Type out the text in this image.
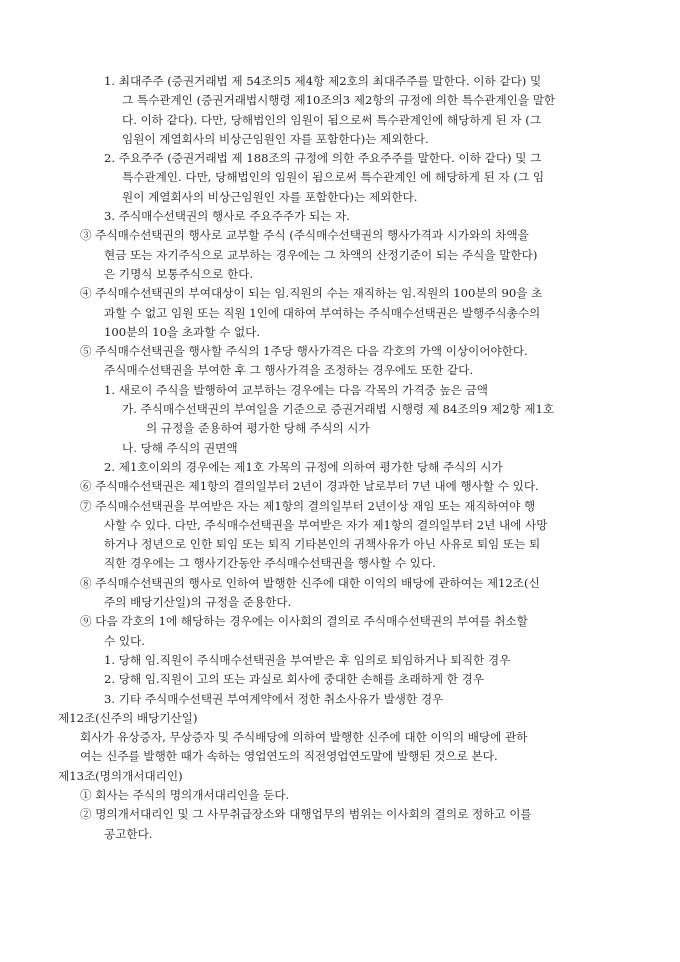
1. 최대주주 (증권거래법 제 54조의5 제4항 제2호의 최대주주를 말한다. 이하 같다) 및
그 특수관계인 (증권거래법시행령 제10조의3 제2항의 규정에 의한 특수관계인을 말한
다. 이하 같다). 다만, 당해법인의 임원이 됨으로써 특수관계인에 해당하게 된 자 (그
임원이 계열회사의 비상근임원인 자를 포함한다)는 제외한다.
2. 주요주주 (증권거래법 제 188조의 규정에 의한 주요주주를 말한다. 이하 같다) 및 그
특수관계인. 다만, 당해법인의 임원이 됨으로써 특수관계인 에 해당하게 된 자 (그 임
원이 계열회사의 비상근임원인 자를 포함한다)는 제외한다.
3. 주식매수선택권의 행사로 주요주주가 되는 자.
③ 주식매수선택권의 행사로 교부할 주식 (주식매수선택권의 행사가격과 시가와의 차액을
현금 또는 자기주식으로 교부하는 경우에는 그 차액의 산정기준이 되는 주식을 말한다)
은 기명식 보통주식으로 한다.
④ 주식매수선택권의 부여대상이 되는 임.직원의 수는 재직하는 임.직원의 100분의 90을 초
과할 수 없고 임원 또는 직원 1인에 대하여 부여하는 주식매수선택권은 발행주식총수의
100분의 10을 초과할 수 없다.
⑤ 주식매수선택권을 행사할 주식의 1주당 행사가격은 다음 각호의 가액 이상이어야한다.
주식매수선택권을 부여한 후 그 행사가격을 조정하는 경우에도 또한 같다.
1. 새로이 주식을 발행하여 교부하는 경우에는 다음 각목의 가격중 높은 금액
가. 주식매수선택권의 부여일을 기준으로 증권거래법 시행령 제 84조의9 제2항 제1호
의 규정을 준용하여 평가한 당해 주식의 시가
나. 당해 주식의 권면액
2. 제1호이외의 경우에는 제1호 가목의 규정에 의하여 평가한 당해 주식의 시가
⑥ 주식매수선택권은 제1항의 결의일부터 2년이 경과한 날로부터 7년 내에 행사할 수 있다.
⑦ 주식매수선택권을 부여받은 자는 제1항의 결의일부터 2년이상 재임 또는 재직하여야 행
사할 수 있다. 다만, 주식매수선택권을 부여받은 자가 제1항의 결의일부터 2년 내에 사망
하거나 정년으로 인한 퇴임 또는 퇴직 기타본인의 귀책사유가 아닌 사유로 퇴임 또는 퇴
직한 경우에는 그 행사기간동안 주식매수선택권을 행사할 수 있다.
⑧ 주식매수선택권의 행사로 인하여 발행한 신주에 대한 이익의 배당에 관하여는 제12조(신
주의 배당기산일)의 규정을 준용한다.
⑨ 다음 각호의 1에 해당하는 경우에는 이사회의 결의로 주식매수선택권의 부여를 취소할
수 있다.
1. 당해 임.직원이 주식매수선택권을 부여받은 후 임의로 퇴임하거나 퇴직한 경우
2. 당해 임.직원이 고의 또는 과실로 회사에 중대한 손해를 초래하게 한 경우
3. 기타 주식매수선택권 부여계약에서 정한 취소사유가 발생한 경우
제12조(신주의 배당기산일)
회사가 유상증자, 무상증자 및 주식배당에 의하여 발행한 신주에 대한 이익의 배당에 관하
여는 신주를 발행한 때가 속하는 영업연도의 직전영업연도말에 발행된 것으로 본다.
제13조(명의개서대리인)
① 회사는 주식의 명의개서대리인을 둔다.
② 명의개서대리인 및 그 사무취급장소와 대행업무의 범위는 이사회의 결의로 정하고 이를
공고한다.
